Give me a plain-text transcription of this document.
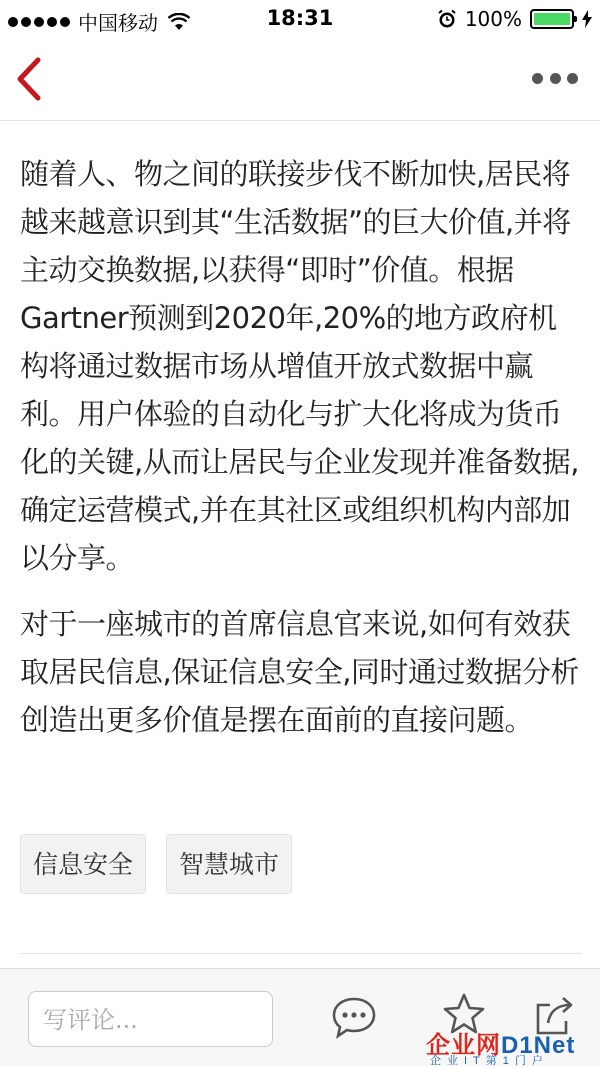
中国移动	18:31	100%

随着人、物之间的联接步伐不断加快,居民将越来越意识到其“生活数据”的巨大价值,并将主动交换数据,以获得“即时”价值。根据Gartner预测到2020年,20%的地方政府机构将通过数据市场从增值开放式数据中赢利。用户体验的自动化与扩大化将成为货币化的关键,从而让居民与企业发现并准备数据,确定运营模式,并在其社区或组织机构内部加以分享。

对于一座城市的首席信息官来说,如何有效获取居民信息,保证信息安全,同时通过数据分析创造出更多价值是摆在面前的直接问题。

信息安全	智慧城市
写评论...
企业网D1Net
企业IT第1门户
